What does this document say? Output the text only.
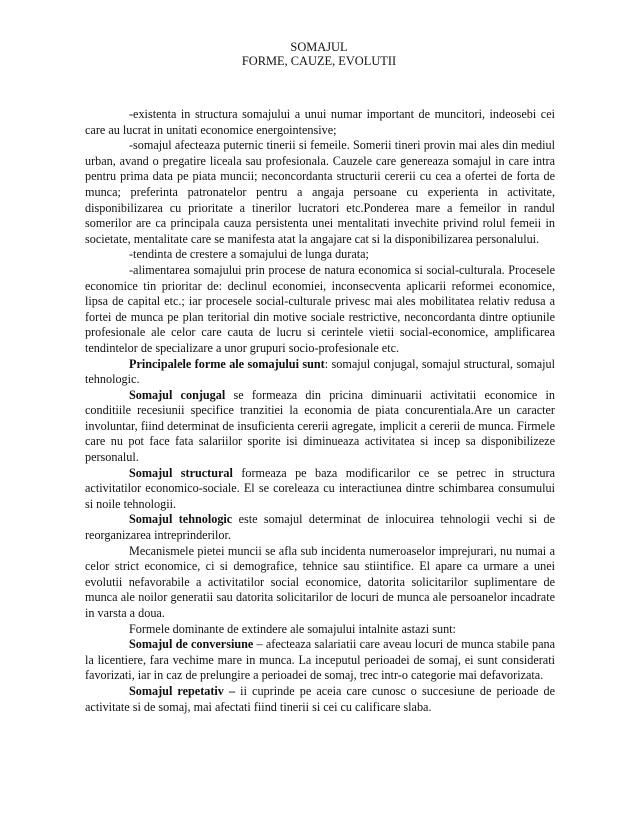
SOMAJUL
FORME, CAUZE, EVOLUTII

-existenta in structura somajului a unui numar important de muncitori, indeosebi cei care au lucrat in unitati economice energointensive;

-somajul afecteaza puternic tinerii si femeile. Somerii tineri provin mai ales din mediul urban, avand o pregatire liceala sau profesionala. Cauzele care genereaza somajul in care intra pentru prima data pe piata muncii; neconcordanta structurii cererii cu cea a ofertei de forta de munca; preferinta patronatelor pentru a angaja persoane cu experienta in activitate, disponibilizarea cu prioritate a tinerilor lucratori etc.Ponderea mare a femeilor in randul somerilor are ca principala cauza persistenta unei mentalitati invechite privind rolul femeii in societate, mentalitate care se manifesta atat la angajare cat si la disponibilizarea personalului.

-tendinta de crestere a somajului de lunga durata;

-alimentarea somajului prin procese de natura economica si social-culturala. Procesele economice tin prioritar de: declinul economiei, inconsecventa aplicarii reformei economice, lipsa de capital etc.; iar procesele social-culturale privesc mai ales mobilitatea relativ redusa a fortei de munca pe plan teritorial din motive sociale restrictive, neconcordanta dintre optiunile profesionale ale celor care cauta de lucru si cerintele vietii social-economice, amplificarea tendintelor de specializare a unor grupuri socio-profesionale etc.

Principalele forme ale somajului sunt: somajul conjugal, somajul structural, somajul tehnologic.

Somajul conjugal se formeaza din pricina diminuarii activitatii economice in conditiile recesiunii specifice tranzitiei la economia de piata concurentiala.Are un caracter involuntar, fiind determinat de insuficienta cererii agregate, implicit a cererii de munca. Firmele care nu pot face fata salariilor sporite isi diminueaza activitatea si incep sa disponibilizeze personalul.

Somajul structural formeaza pe baza modificarilor ce se petrec in structura activitatilor economico-sociale. El se coreleaza cu interactiunea dintre schimbarea consumului si noile tehnologii.

Somajul tehnologic este somajul determinat de inlocuirea tehnologii vechi si de reorganizarea intreprinderilor.

Mecanismele pietei muncii se afla sub incidenta numeroaselor imprejurari, nu numai a celor strict economice, ci si demografice, tehnice sau stiintifice. El apare ca urmare a unei evolutii nefavorabile a activitatilor social economice, datorita solicitarilor suplimentare de munca ale noilor generatii sau datorita solicitarilor de locuri de munca ale persoanelor incadrate in varsta a doua.

Formele dominante de extindere ale somajului intalnite astazi sunt:

Somajul de conversiune – afecteaza salariatii care aveau locuri de munca stabile pana la licentiere, fara vechime mare in munca. La inceputul perioadei de somaj, ei sunt considerati favorizati, iar in caz de prelungire a perioadei de somaj, trec intr-o categorie mai defavorizata.

Somajul repetativ – ii cuprinde pe aceia care cunosc o succesiune de perioade de activitate si de somaj, mai afectati fiind tinerii si cei cu calificare slaba.
